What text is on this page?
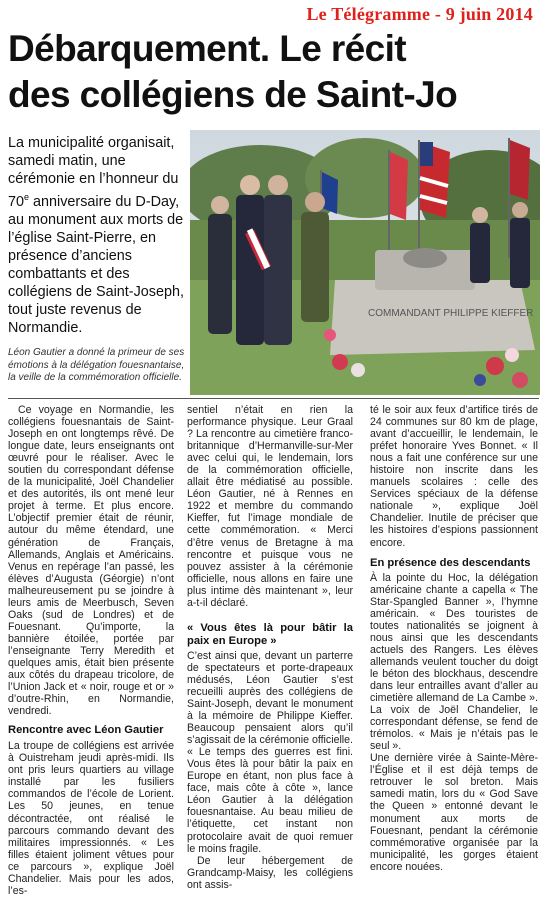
Le Télégramme - 9 juin 2014
Débarquement. Le récit
des collégiens de Saint-Jo

La municipalité organisait, samedi matin, une cérémonie en l’honneur du 70e anniversaire du D-Day, au monument aux morts de l’église Saint-Pierre, en présence d’anciens combattants et des collégiens de Saint-Joseph, tout juste revenus de Normandie.

COMMANDANT PHILIPPE KIEFFER

Léon Gautier a donné la primeur de ses émotions à la délégation fouesnantaise, la veille de la commémoration officielle.

Ce voyage en Normandie, les collégiens fouesnantais de Saint-Joseph en ont longtemps rêvé. De longue date, leurs enseignants ont œuvré pour le réaliser. Avec le soutien du correspondant défense de la municipalité, Joël Chandelier et des autorités, ils ont mené leur projet à terme. Et plus encore. L’objectif premier était de réunir, autour du même étendard, une génération de Français, Allemands, Anglais et Américains. Venus en repérage l’an passé, les élèves d’Augusta (Géorgie) n’ont malheureusement pu se joindre à leurs amis de Meerbusch, Seven Oaks (sud de Londres) et de Fouesnant. Qu’importe, la bannière étoilée, portée par l’enseignante Terry Meredith et quelques amis, était bien présente aux côtés du drapeau tricolore, de l’Union Jack et « noir, rouge et or » d’outre-Rhin, en Normandie, vendredi.

Rencontre avec Léon Gautier

La troupe de collégiens est arrivée à Ouistreham jeudi après-midi. Ils ont pris leurs quartiers au village installé par les fusiliers commandos de l’école de Lorient. Les 50 jeunes, en tenue décontractée, ont réalisé le parcours commando devant des militaires impressionnés. « Les filles étaient joliment vêtues pour ce parcours », explique Joël Chandelier. Mais pour les ados, l’es-

sentiel n’était en rien la performance physique. Leur Graal ? La rencontre au cimetière franco-britannique d’Hermanville-sur-Mer avec celui qui, le lendemain, lors de la commémoration officielle, allait être médiatisé au possible. Léon Gautier, né à Rennes en 1922 et membre du commando Kieffer, fut l’image mondiale de cette commémoration. « Merci d’être venus de Bretagne à ma rencontre et puisque vous ne pouvez assister à la cérémonie officielle, nous allons en faire une plus intime dès maintenant », leur a-t-il déclaré.

« Vous êtes là pour bâtir la paix en Europe »

C’est ainsi que, devant un parterre de spectateurs et porte-drapeaux médusés, Léon Gautier s’est recueilli auprès des collégiens de Saint-Joseph, devant le monument à la mémoire de Philippe Kieffer. Beaucoup pensaient alors qu’il s’agissait de la cérémonie officielle. « Le temps des guerres est fini. Vous êtes là pour bâtir la paix en Europe en étant, non plus face à face, mais côte à côte », lance Léon Gautier à la délégation fouesnantaise. Au beau milieu de l’étiquette, cet instant non protocolaire avait de quoi remuer le moins fragile.

De leur hébergement de Grandcamp-Maisy, les collégiens ont assis-

té le soir aux feux d’artifice tirés de 24 communes sur 80 km de plage, avant d’accueillir, le lendemain, le préfet honoraire Yves Bonnet. « Il nous a fait une conférence sur une histoire non inscrite dans les manuels scolaires : celle des Services spéciaux de la défense nationale », explique Joël Chandelier. Inutile de préciser que les histoires d’espions passionnent encore.

En présence des descendants

À la pointe du Hoc, la délégation américaine chante a capella « The Star-Spangled Banner », l’hymne américain. « Des touristes de toutes nationalités se joignent à nous ainsi que les descendants actuels des Rangers. Les élèves allemands veulent toucher du doigt le béton des blockhaus, descendre dans leur entrailles avant d’aller au cimetière allemand de La Cambe ». La voix de Joël Chandelier, le correspondant défense, se fend de trémolos. « Mais je n’étais pas le seul ».

Une dernière virée à Sainte-Mère-l’Église et il est déjà temps de retrouver le sol breton. Mais samedi matin, lors du « God Save the Queen » entonné devant le monument aux morts de Fouesnant, pendant la cérémonie commémorative organisée par la municipalité, les gorges étaient encore nouées.
